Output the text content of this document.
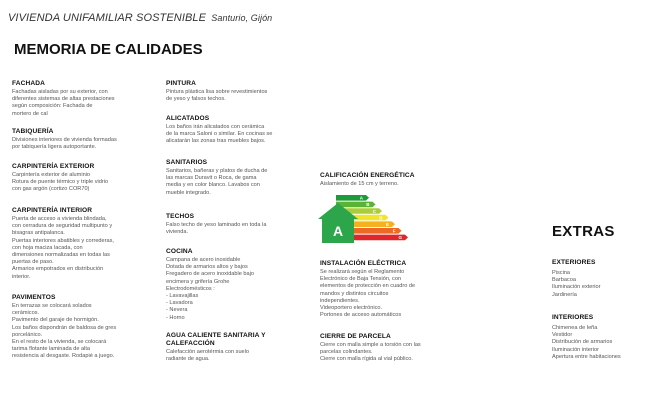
VIVIENDA UNIFAMILIAR SOSTENIBLE Santurio, Gijón
MEMORIA DE CALIDADES
FACHADA

Fachadas aisladas por su exterior, con
diferentes sistemas de altas prestaciones
según composición: Fachada de
mortero de cal

TABIQUERÍA

Divisiones interiores de vivienda formadas
por tabiquería ligera autoportante.

CARPINTERÍA EXTERIOR

Carpintería exterior de aluminio
Rotura de puente térmico y triple vidrio
con gas argón (cortizo COR70)

CARPINTERÍA INTERIOR

Puerta de acceso a vivienda blindada,
con cerradura de seguridad multipunto y
bisagras antipalanca.
Puertas interiores abatibles y correderas,
con hoja maciza lacada, con
dimensiones normalizadas en todas las
puertas de paso.
Armarios empotrados en distribución
interior.

PAVIMENTOS

En terrazas se colocará solados
cerámicos.
Pavimento del garaje de hormigón.
Los baños dispondrán de baldosa de gres
porcelánico.
En el resto de la vivienda, se colocará
tarima flotante laminada de alta
resistencia al desgaste. Rodapié a juego.

PINTURA

Pintura plástica lisa sobre revestimientos
de yeso y falsos techos.

ALICATADOS

Los baños irán alicatados con cerámica
de la marca Saloni o similar. En cocinas se
alicatarán las zonas tras muebles bajos.

SANITARIOS

Sanitarios, bañeras y platos de ducha de
las marcas Duravit o Roca, de gama
media y en color blanco. Lavabos con
mueble integrado.

TECHOS

Falso techo de yeso laminado en toda la
vivienda.

COCINA

Campana de acero inoxidable
Dotada de armarios altos y bajos
Fregadero de acero inoxidable bajo
encimera y grifería Grohe
Electrodomésticos :
- Lavavajillas
- Lavadora
- Nevera
- Horno

AGUA CALIENTE SANITARIA Y CALEFACCIÓN

Calefacción aerotérmia con suelo
radiante de agua.

CALIFICACIÓN ENERGÉTICA

Aislamiento de 15 cm y terreno.

INSTALACIÓN ELÉCTRICA

Se realizará según el Reglamento
Electrónico de Baja Tensión, con
elementos de protección en cuadro de
mandos y distintos circuitos
independientes.
Videoportero electrónico.
Portones de acceso automáticos

CIERRE DE PARCELA

Cierre con malla simple a torsión con las
parcelas colindantes.
Cierre con malla rígida al vial público.

A
B
C
D
E
F
G
A	EXTRAS
EXTERIORES

Piscina
Barbacoa
Iluminación exterior
Jardinería

INTERIORES

Chimenea de leña
Vestidor
Distribución de armarios
Iluminación interior
Apertura entre habitaciones
